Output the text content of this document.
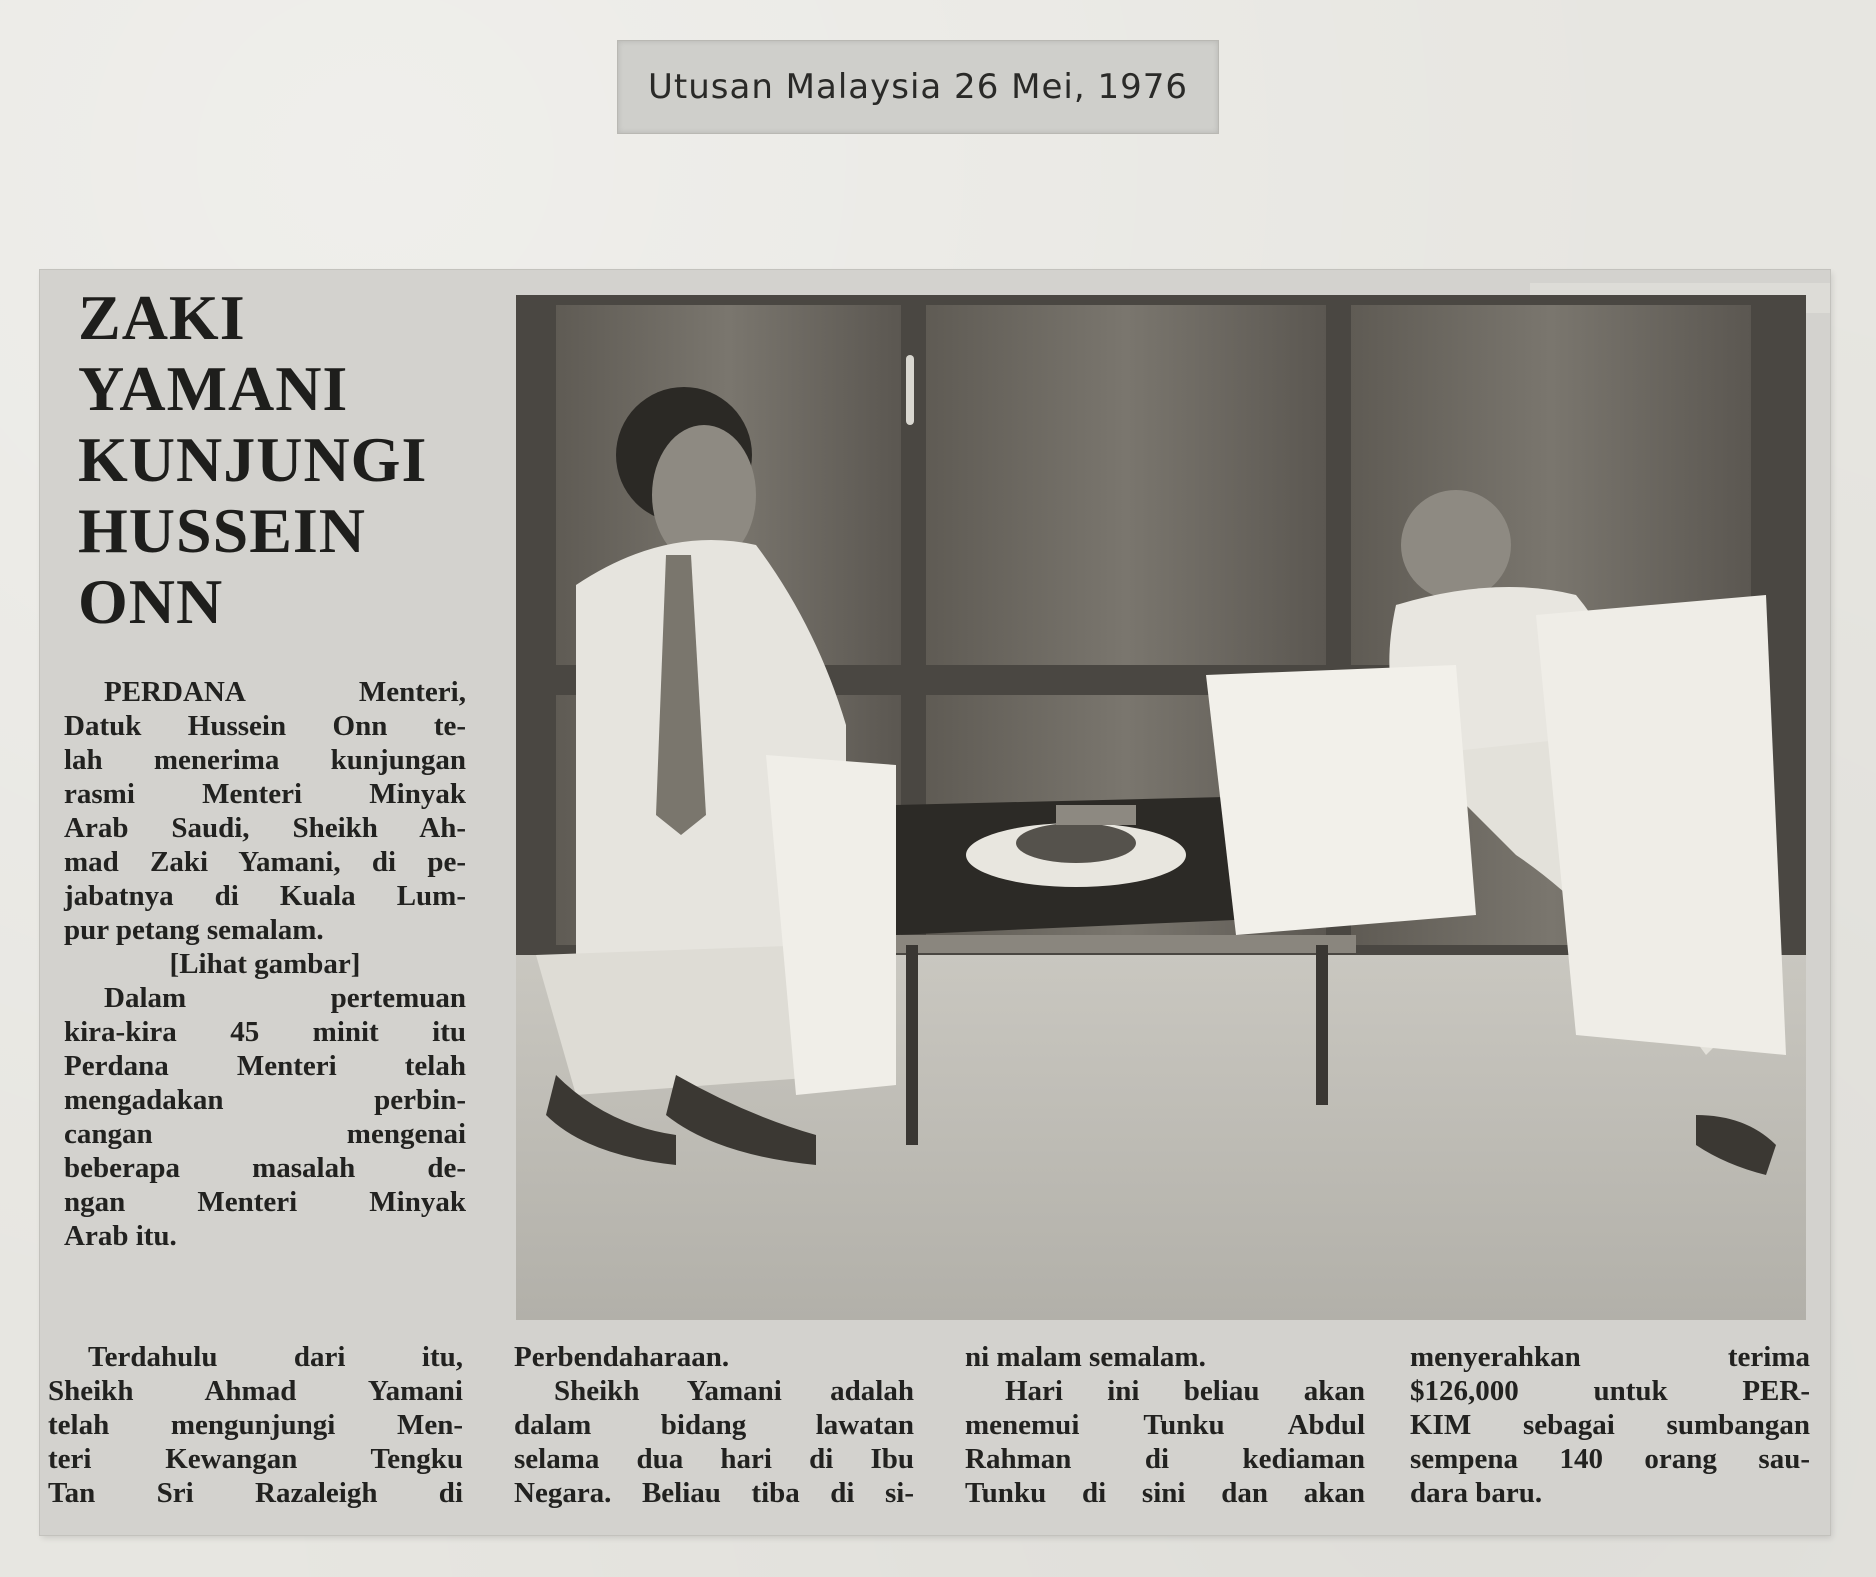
Utusan Malaysia 26 Mei, 1976
ZAKI
YAMANI
KUNJUNGI
HUSSEIN
ONN

PERDANA Menteri,
Datuk Hussein Onn te-
lah menerima kunjungan
rasmi Menteri Minyak
Arab Saudi, Sheikh Ah-
mad Zaki Yamani, di pe-
jabatnya di Kuala Lum-
pur petang semalam.

[Lihat gambar]

Dalam pertemuan
kira-kira 45 minit itu
Perdana Menteri telah
mengadakan perbin-
cangan mengenai
beberapa masalah de-
ngan Menteri Minyak
Arab itu.

Terdahulu dari itu,
Sheikh Ahmad Yamani
telah mengunjungi Men-
teri Kewangan Tengku
Tan Sri Razaleigh di
Perbendaharaan.
Sheikh Yamani adalah
dalam bidang lawatan
selama dua hari di Ibu
Negara. Beliau tiba di si-
ni malam semalam.
Hari ini beliau akan
menemui Tunku Abdul
Rahman di kediaman
Tunku di sini dan akan
menyerahkan terima
$126,000 untuk PER-
KIM sebagai sumbangan
sempena 140 orang sau-
dara baru.
